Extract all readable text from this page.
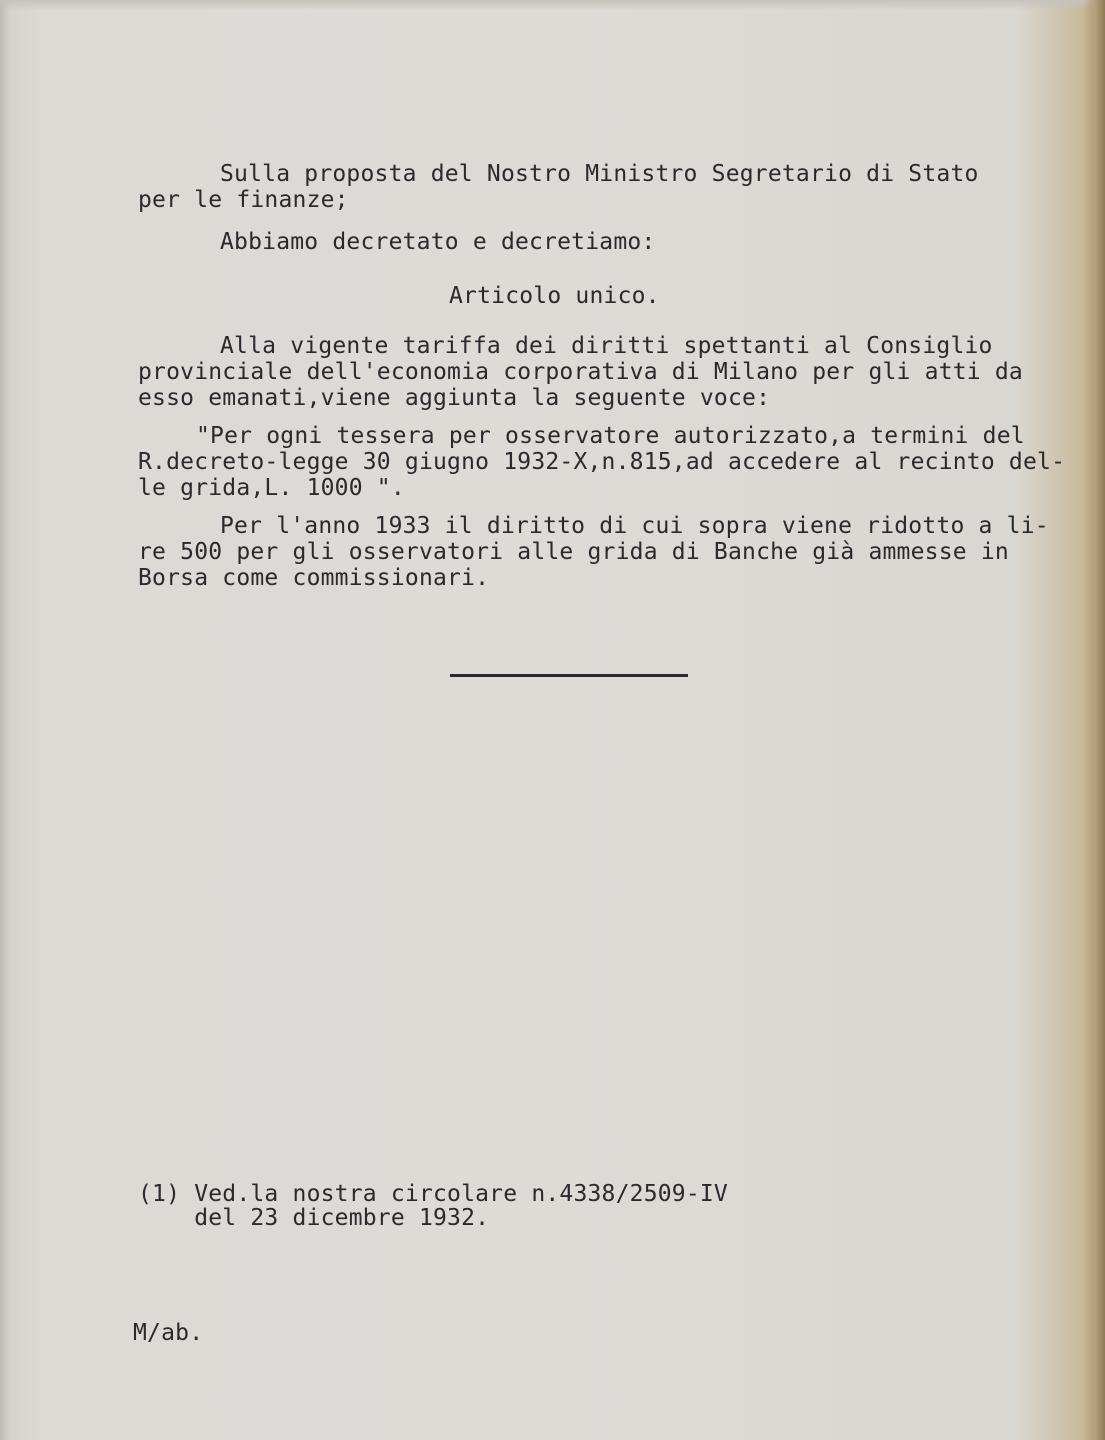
Sulla proposta del Nostro Ministro Segretario di Stato
per le finanze;
Abbiamo decretato e decretiamo:
Articolo unico.
Alla vigente tariffa dei diritti spettanti al Consiglio
provinciale dell'economia corporativa di Milano per gli atti da
esso emanati,viene aggiunta la seguente voce:
"Per ogni tessera per osservatore autorizzato,a termini del
R.decreto-legge 30 giugno 1932-X,n.815,ad accedere al recinto del-
le grida,L. 1000 ".
Per l'anno 1933 il diritto di cui sopra viene ridotto a li-
re 500 per gli osservatori alle grida di Banche già ammesse in
Borsa come commissionari.
(1) Ved.la nostra circolare n.4338/2509-IV
del 23 dicembre 1932.
M/ab.
